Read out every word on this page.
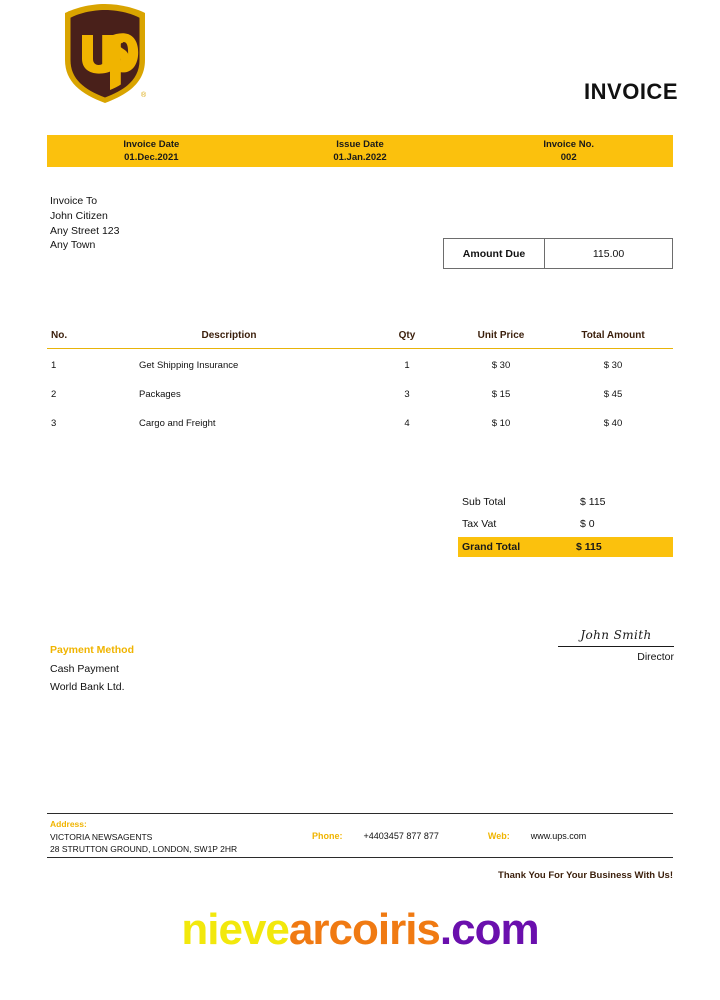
®	INVOICE
Invoice Date
01.Dec.2021
Issue Date
01.Jan.2022
Invoice No.
002
Invoice To
John Citizen
Any Street 123
Any Town
Amount Due	115.00
No.	Description	Qty	Unit Price	Total Amount
1	Get Shipping Insurance	1	$ 30	$ 30
2	Packages	3	$ 15	$ 45
3	Cargo and Freight	4	$ 10	$ 40
Sub Total	$ 115
Tax Vat	$ 0
Grand Total	$ 115
Payment Method
Cash Payment
World Bank Ltd.
John Smith
Director
Address:
VICTORIA NEWSAGENTS
28 STRUTTON GROUND, LONDON, SW1P 2HR
Phone: +4403457 877 877	Web: www.ups.com
Thank You For Your Business With Us!
nievearcoiris.com
